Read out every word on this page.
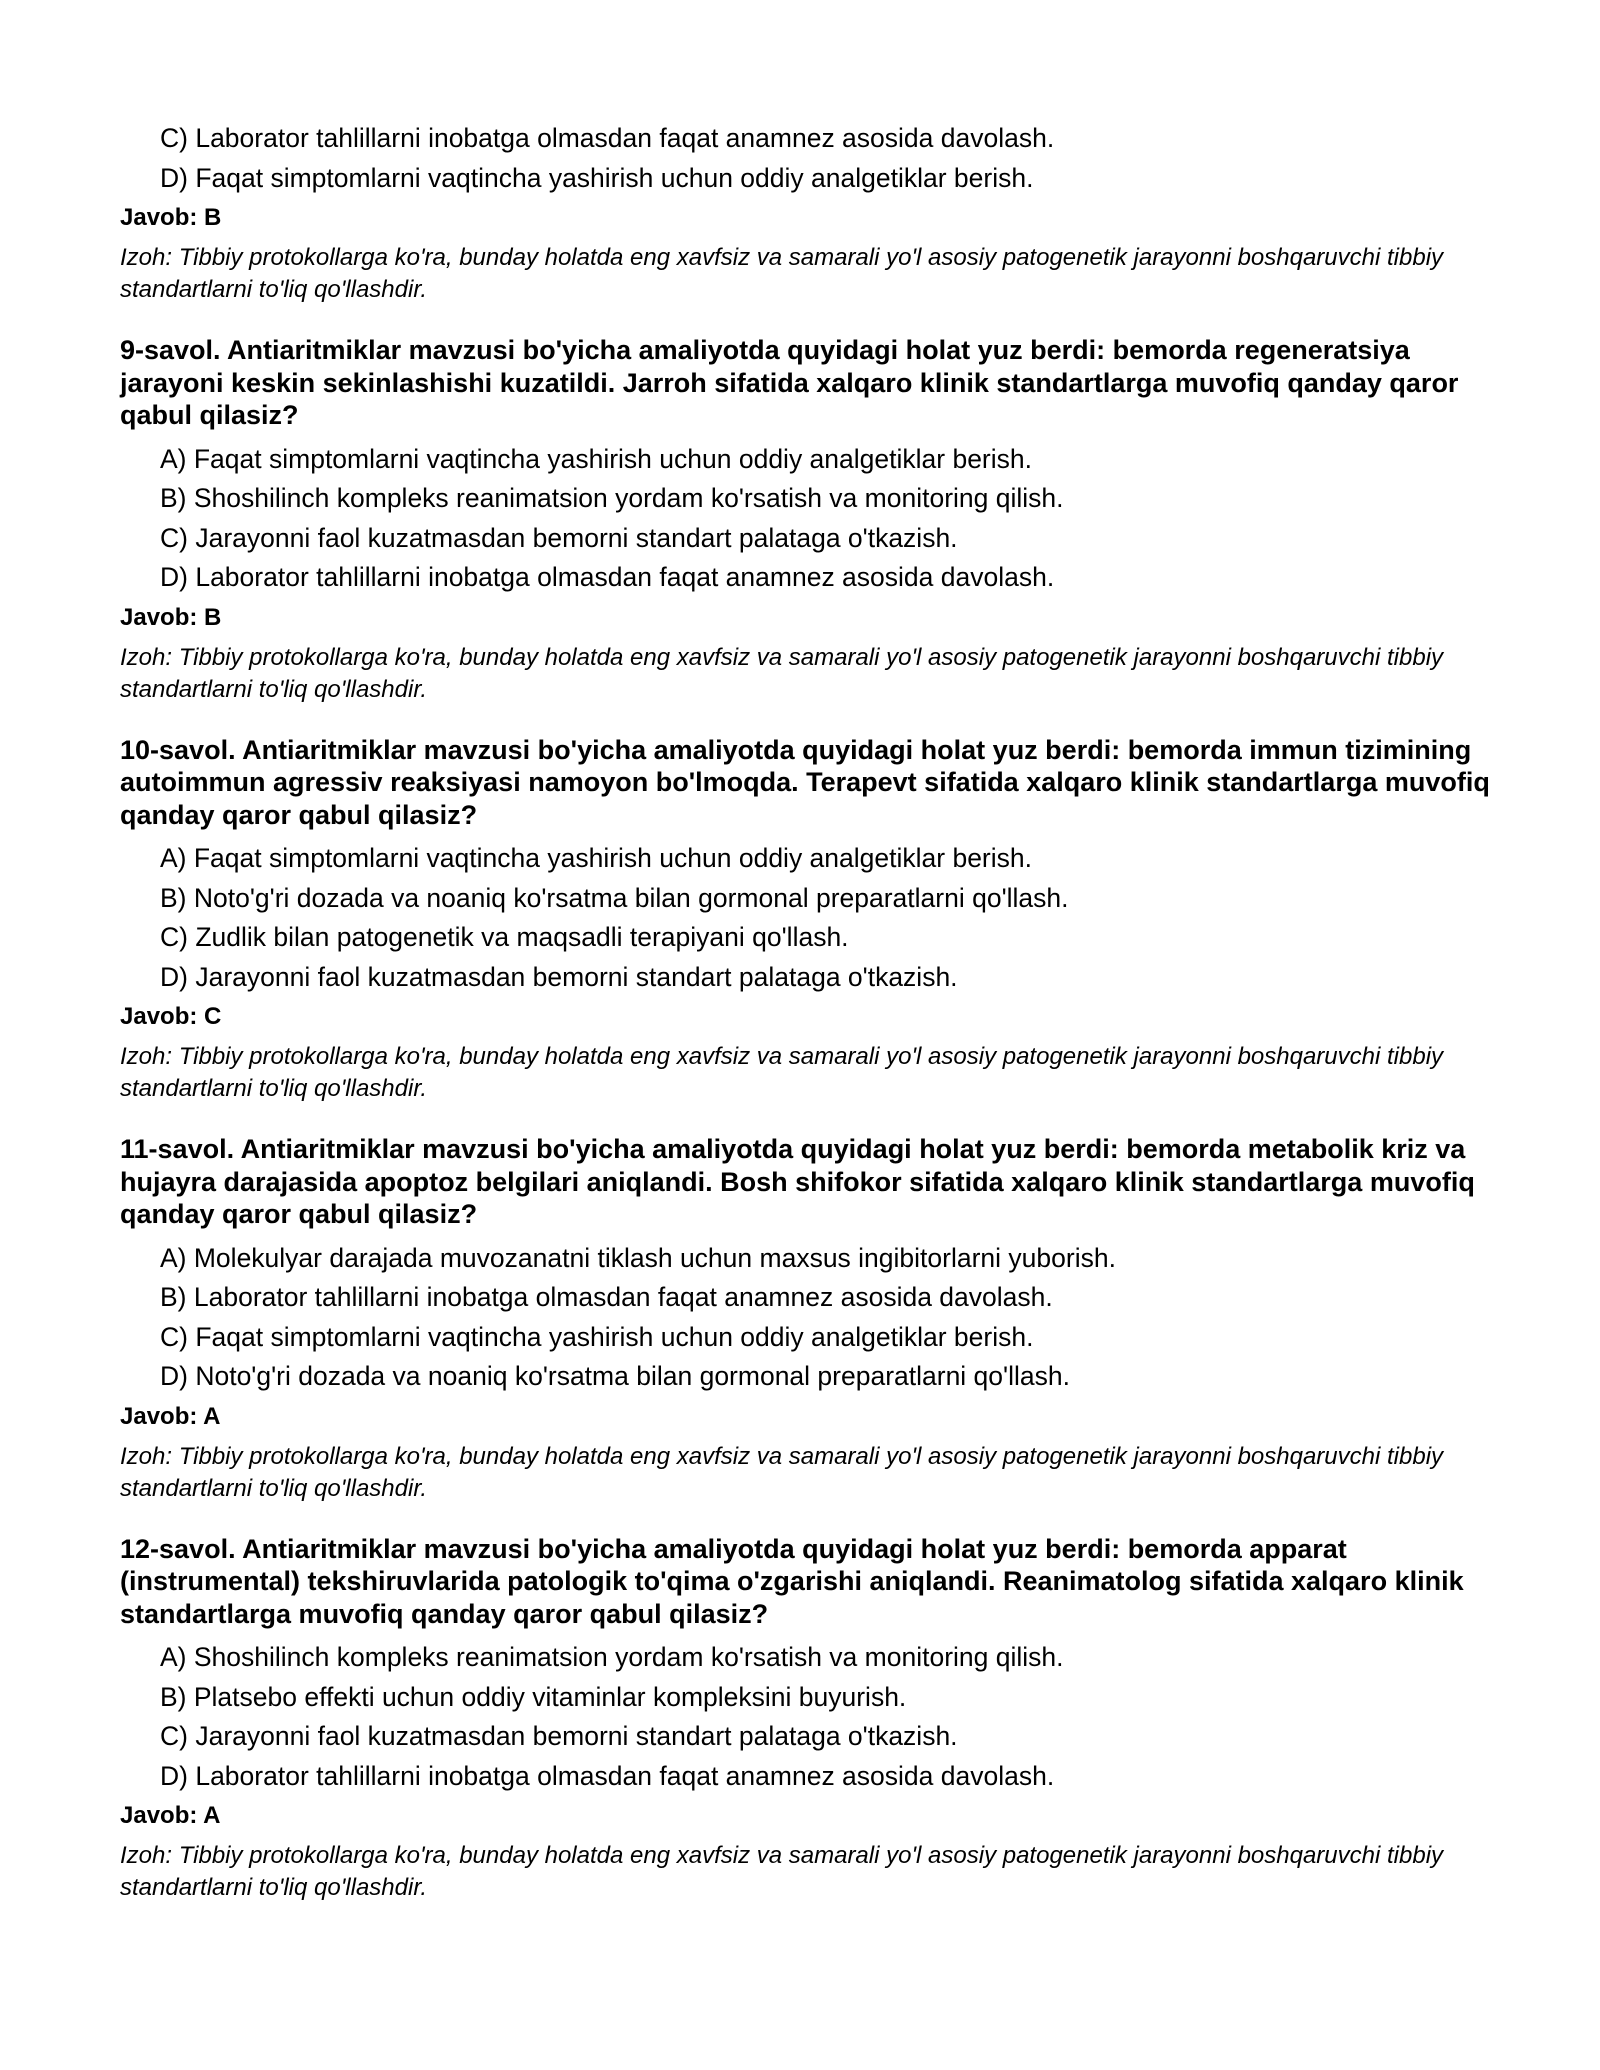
C) Laborator tahlillarni inobatga olmasdan faqat anamnez asosida davolash.
D) Faqat simptomlarni vaqtincha yashirish uchun oddiy analgetiklar berish.
Javob: B
Izoh: Tibbiy protokollarga ko'ra, bunday holatda eng xavfsiz va samarali yo'l asosiy patogenetik jarayonni boshqaruvchi tibbiy standartlarni to'liq qo'llashdir.
9-savol. Antiaritmiklar mavzusi bo'yicha amaliyotda quyidagi holat yuz berdi: bemorda regeneratsiya jarayoni keskin sekinlashishi kuzatildi. Jarroh sifatida xalqaro klinik standartlarga muvofiq qanday qaror qabul qilasiz?
A) Faqat simptomlarni vaqtincha yashirish uchun oddiy analgetiklar berish.
B) Shoshilinch kompleks reanimatsion yordam ko'rsatish va monitoring qilish.
C) Jarayonni faol kuzatmasdan bemorni standart palataga o'tkazish.
D) Laborator tahlillarni inobatga olmasdan faqat anamnez asosida davolash.
Javob: B
Izoh: Tibbiy protokollarga ko'ra, bunday holatda eng xavfsiz va samarali yo'l asosiy patogenetik jarayonni boshqaruvchi tibbiy standartlarni to'liq qo'llashdir.
10-savol. Antiaritmiklar mavzusi bo'yicha amaliyotda quyidagi holat yuz berdi: bemorda immun tizimining autoimmun agressiv reaksiyasi namoyon bo'lmoqda. Terapevt sifatida xalqaro klinik standartlarga muvofiq qanday qaror qabul qilasiz?
A) Faqat simptomlarni vaqtincha yashirish uchun oddiy analgetiklar berish.
B) Noto'g'ri dozada va noaniq ko'rsatma bilan gormonal preparatlarni qo'llash.
C) Zudlik bilan patogenetik va maqsadli terapiyani qo'llash.
D) Jarayonni faol kuzatmasdan bemorni standart palataga o'tkazish.
Javob: C
Izoh: Tibbiy protokollarga ko'ra, bunday holatda eng xavfsiz va samarali yo'l asosiy patogenetik jarayonni boshqaruvchi tibbiy standartlarni to'liq qo'llashdir.
11-savol. Antiaritmiklar mavzusi bo'yicha amaliyotda quyidagi holat yuz berdi: bemorda metabolik kriz va hujayra darajasida apoptoz belgilari aniqlandi. Bosh shifokor sifatida xalqaro klinik standartlarga muvofiq qanday qaror qabul qilasiz?
A) Molekulyar darajada muvozanatni tiklash uchun maxsus ingibitorlarni yuborish.
B) Laborator tahlillarni inobatga olmasdan faqat anamnez asosida davolash.
C) Faqat simptomlarni vaqtincha yashirish uchun oddiy analgetiklar berish.
D) Noto'g'ri dozada va noaniq ko'rsatma bilan gormonal preparatlarni qo'llash.
Javob: A
Izoh: Tibbiy protokollarga ko'ra, bunday holatda eng xavfsiz va samarali yo'l asosiy patogenetik jarayonni boshqaruvchi tibbiy standartlarni to'liq qo'llashdir.
12-savol. Antiaritmiklar mavzusi bo'yicha amaliyotda quyidagi holat yuz berdi: bemorda apparat (instrumental) tekshiruvlarida patologik to'qima o'zgarishi aniqlandi. Reanimatolog sifatida xalqaro klinik standartlarga muvofiq qanday qaror qabul qilasiz?
A) Shoshilinch kompleks reanimatsion yordam ko'rsatish va monitoring qilish.
B) Platsebo effekti uchun oddiy vitaminlar kompleksini buyurish.
C) Jarayonni faol kuzatmasdan bemorni standart palataga o'tkazish.
D) Laborator tahlillarni inobatga olmasdan faqat anamnez asosida davolash.
Javob: A
Izoh: Tibbiy protokollarga ko'ra, bunday holatda eng xavfsiz va samarali yo'l asosiy patogenetik jarayonni boshqaruvchi tibbiy standartlarni to'liq qo'llashdir.
